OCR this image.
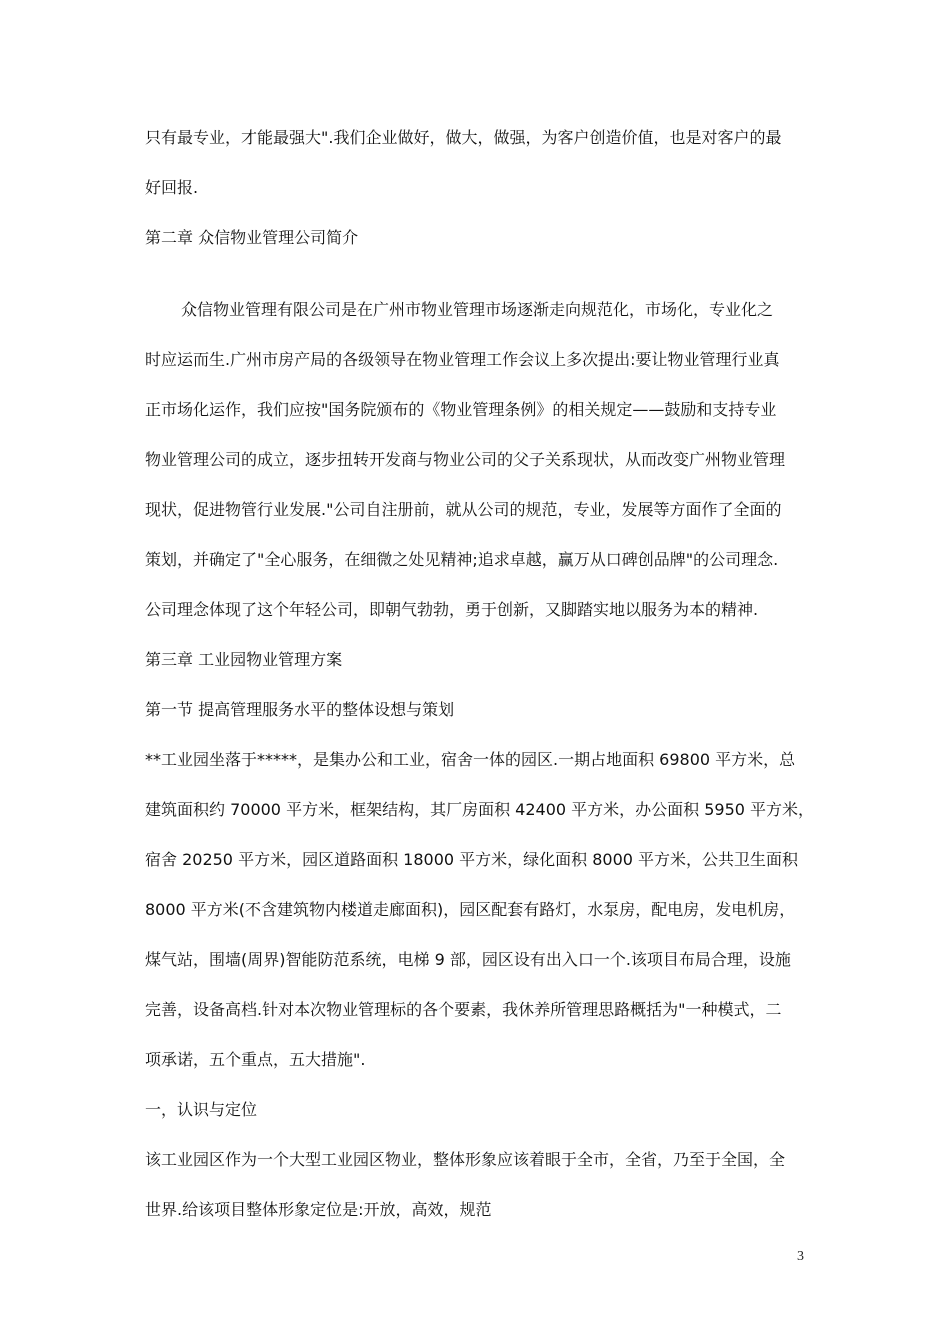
只有最专业，才能最强大".我们企业做好，做大，做强，为客户创造价值，也是对客户的最
好回报.
第二章 众信物业管理公司简介
众信物业管理有限公司是在广州市物业管理市场逐渐走向规范化，市场化，专业化之
时应运而生.广州市房产局的各级领导在物业管理工作会议上多次提出:要让物业管理行业真
正市场化运作，我们应按"国务院颁布的《物业管理条例》的相关规定——鼓励和支持专业
物业管理公司的成立，逐步扭转开发商与物业公司的父子关系现状，从而改变广州物业管理
现状，促进物管行业发展."公司自注册前，就从公司的规范，专业，发展等方面作了全面的
策划，并确定了"全心服务，在细微之处见精神;追求卓越，赢万从口碑创品牌"的公司理念.
公司理念体现了这个年轻公司，即朝气勃勃，勇于创新，又脚踏实地以服务为本的精神.
第三章 工业园物业管理方案
第一节 提高管理服务水平的整体设想与策划
**工业园坐落于*****，是集办公和工业，宿舍一体的园区.一期占地面积 69800 平方米，总
建筑面积约 70000 平方米，框架结构，其厂房面积 42400 平方米，办公面积 5950 平方米，
宿舍 20250 平方米，园区道路面积 18000 平方米，绿化面积 8000 平方米，公共卫生面积
8000 平方米(不含建筑物内楼道走廊面积)，园区配套有路灯，水泵房，配电房，发电机房，
煤气站，围墙(周界)智能防范系统，电梯 9 部，园区设有出入口一个.该项目布局合理，设施
完善，设备高档.针对本次物业管理标的各个要素，我休养所管理思路概括为"一种模式，二
项承诺，五个重点，五大措施".
一，认识与定位
该工业园区作为一个大型工业园区物业，整体形象应该着眼于全市，全省，乃至于全国，全
世界.给该项目整体形象定位是:开放，高效，规范
3
